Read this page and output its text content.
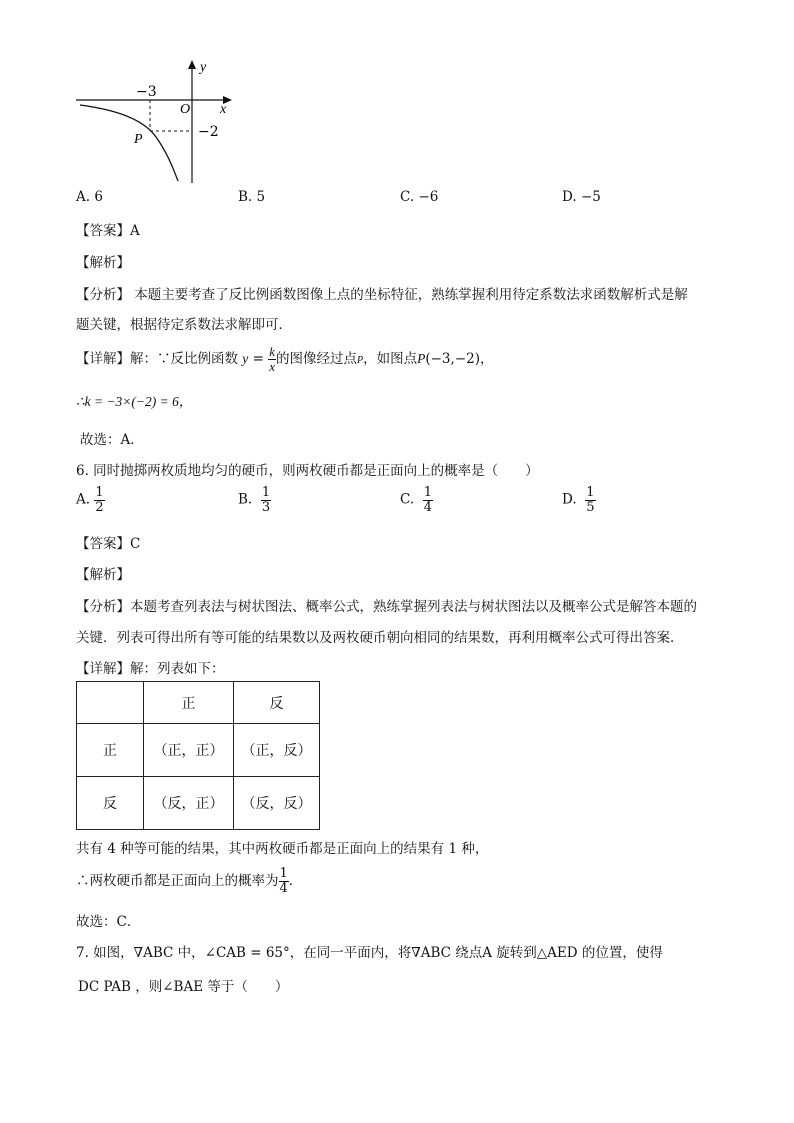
y
x
O
−3
−2
P
A. 6	B. 5	C. −6	D. −5
【答案】A
【解析】
【分析】 本题主要考查了反比例函数图像上点的坐标特征，熟练掌握利用待定系数法求函数解析式是解
题关键，根据待定系数法求解即可．
【详解】解：∵反比例函数 $y = \frac{k}{x}$ 的图像经过点P，如图点P(−3,−2)，
∴k = −3×(−2) = 6，
故选：A．
6. 同时抛掷两枚质地均匀的硬币，则两枚硬币都是正面向上的概率是（　　）
A. $\frac{1}{2}$	B. $\frac{1}{3}$	C. $\frac{1}{4}$	D. $\frac{1}{5}$
【答案】C
【解析】
【分析】本题考查列表法与树状图法、概率公式，熟练掌握列表法与树状图法以及概率公式是解答本题的
关键．列表可得出所有等可能的结果数以及两枚硬币朝向相同的结果数，再利用概率公式可得出答案．
【详解】解：列表如下：
	正	反
正	（正，正）	（正，反）
反	（反，正）	（反，反）
共有 4 种等可能的结果，其中两枚硬币都是正面向上的结果有 1 种，
∴两枚硬币都是正面向上的概率为 $\frac{1}{4}$ ．
故选：C．
7. 如图，∇ABC 中，∠CAB = 65°，在同一平面内，将∇ABC 绕点A 旋转到△AED 的位置，使得
DC PAB ，则∠BAE 等于（　　）
